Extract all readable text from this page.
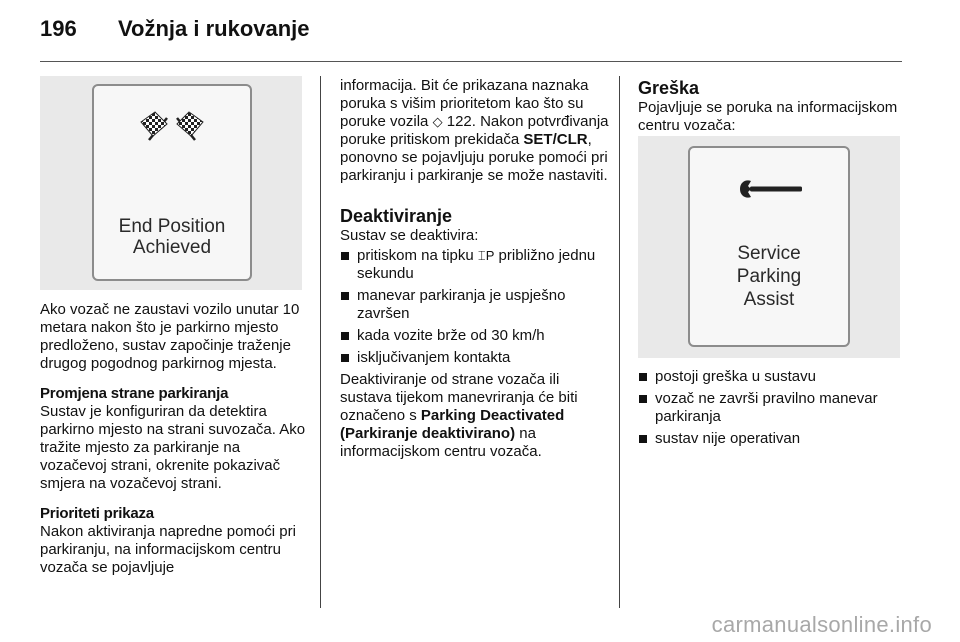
196 Vožnja i rukovanje
End Position
Achieved

Ako vozač ne zaustavi vozilo unutar 10 metara nakon što je parkirno mjesto predloženo, sustav započinje traženje drugog pogodnog parkirnog mjesta.

Promjena strane parkiranja

Sustav je konfiguriran da detektira parkirno mjesto na strani suvozača. Ako tražite mjesto za parkiranje na vozačevoj strani, okrenite pokazivač smjera na vozačevoj strani.

Prioriteti prikaza

Nakon aktiviranja napredne pomoći pri parkiranju, na informacijskom centru vozača se pojavljuje

informacija. Bit će prikazana naznaka poruka s višim prioritetom kao što su poruke vozila ◇ 122. Nakon potvrđivanja poruke pritiskom prekidača SET/CLR, ponovno se pojavljuju poruke pomoći pri parkiranju i parkiranje se može nastaviti.

Deaktiviranje

Sustav se deaktivira:

pritiskom na tipku ⌶P približno jednu sekundu
manevar parkiranja je uspješno završen
kada vozite brže od 30 km/h
isključivanjem kontakta

Deaktiviranje od strane vozača ili sustava tijekom manevriranja će biti označeno s Parking Deactivated (Parkiranje deaktivirano) na informacijskom centru vozača.

Greška

Pojavljuje se poruka na informacijskom centru vozača:

Service
Parking
Assist
postoji greška u sustavu
vozač ne završi pravilno manevar parkiranja
sustav nije operativan
carmanualsonline.info
